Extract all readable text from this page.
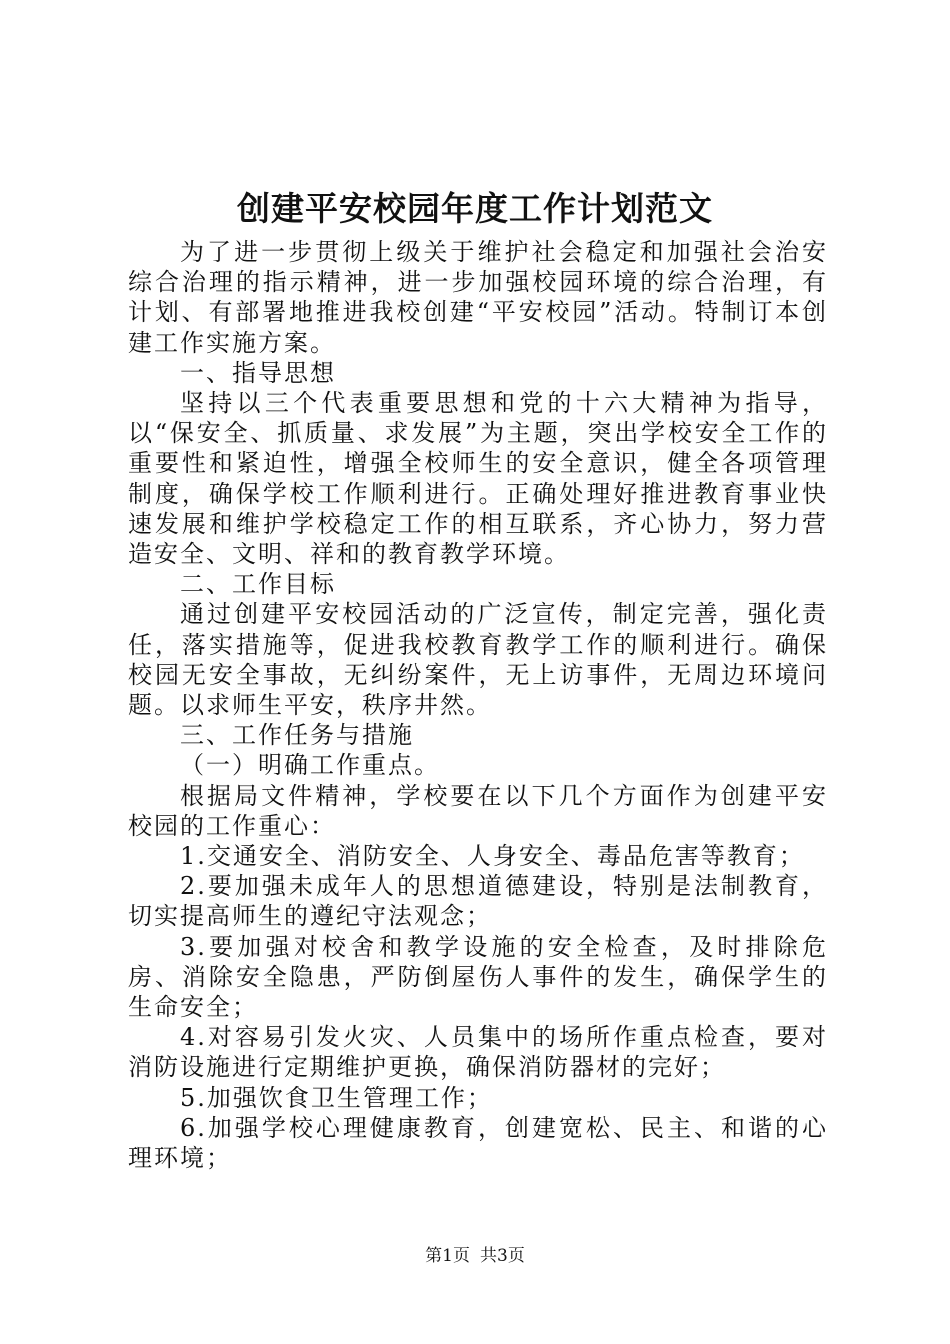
创建平安校园年度工作计划范文

为了进一步贯彻上级关于维护社会稳定和加强社会治安综合治理的指示精神，进一步加强校园环境的综合治理，有计划、有部署地推进我校创建“平安校园”活动。特制订本创建工作实施方案。

一、指导思想

坚持以三个代表重要思想和党的十六大精神为指导，以“保安全、抓质量、求发展”为主题，突出学校安全工作的重要性和紧迫性，增强全校师生的安全意识，健全各项管理制度，确保学校工作顺利进行。正确处理好推进教育事业快速发展和维护学校稳定工作的相互联系，齐心协力，努力营造安全、文明、祥和的教育教学环境。

二、工作目标

通过创建平安校园活动的广泛宣传，制定完善，强化责任，落实措施等，促进我校教育教学工作的顺利进行。确保校园无安全事故，无纠纷案件，无上访事件，无周边环境问题。以求师生平安，秩序井然。

三、工作任务与措施

（一）明确工作重点。

根据局文件精神，学校要在以下几个方面作为创建平安校园的工作重心：

1.交通安全、消防安全、人身安全、毒品危害等教育；

2.要加强未成年人的思想道德建设，特别是法制教育，切实提高师生的遵纪守法观念；

3.要加强对校舍和教学设施的安全检查，及时排除危房、消除安全隐患，严防倒屋伤人事件的发生，确保学生的生命安全；

4.对容易引发火灾、人员集中的场所作重点检查，要对消防设施进行定期维护更换，确保消防器材的完好；

5.加强饮食卫生管理工作；

6.加强学校心理健康教育，创建宽松、民主、和谐的心理环境；

第1页 共3页
